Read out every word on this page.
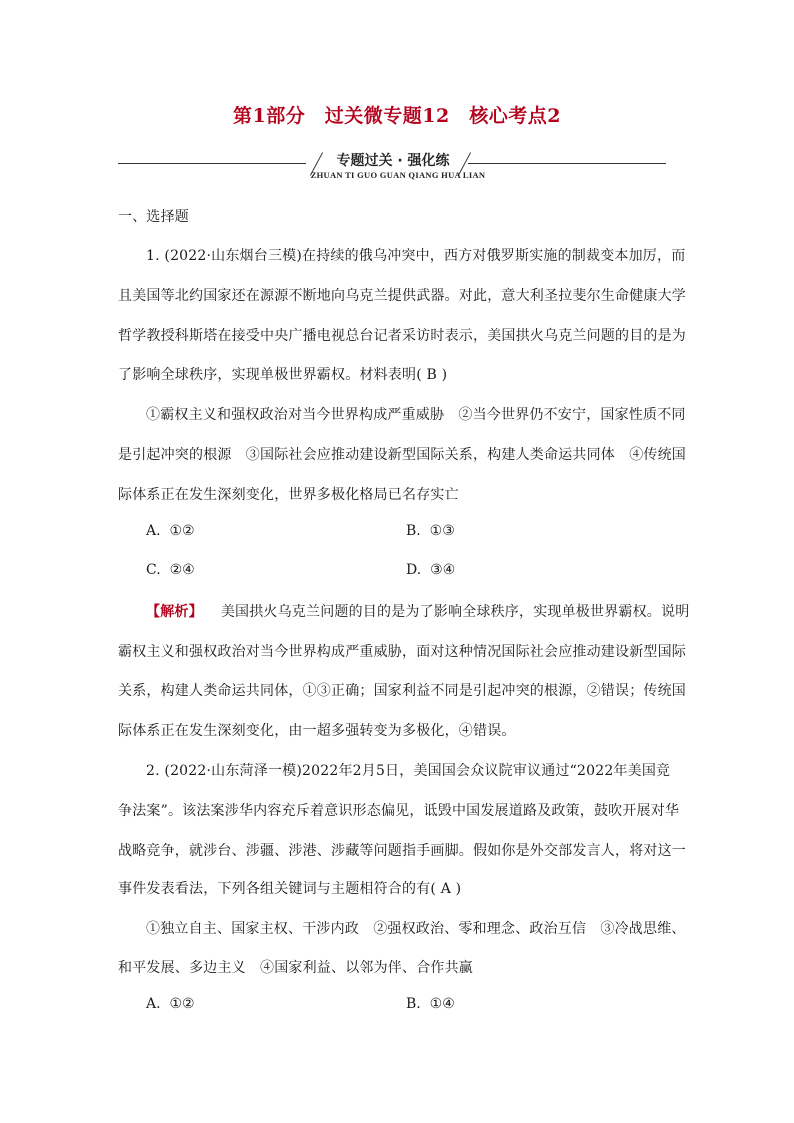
第1部分　过关微专题12　核心考点2
专题过关 · 强化练
ZHUAN TI GUO GUAN QIANG HUA LIAN
一、选择题
1. (2022·山东烟台三模)在持续的俄乌冲突中，西方对俄罗斯实施的制裁变本加厉，而
且美国等北约国家还在源源不断地向乌克兰提供武器。对此，意大利圣拉斐尔生命健康大学
哲学教授科斯塔在接受中央广播电视总台记者采访时表示，美国拱火乌克兰问题的目的是为
了影响全球秩序，实现单极世界霸权。材料表明( B )
①霸权主义和强权政治对当今世界构成严重威胁　②当今世界仍不安宁，国家性质不同
是引起冲突的根源　③国际社会应推动建设新型国际关系，构建人类命运共同体　④传统国
际体系正在发生深刻变化，世界多极化格局已名存实亡
A.  ①②	B.  ①③
C.  ②④	D.  ③④
【解析】 美国拱火乌克兰问题的目的是为了影响全球秩序，实现单极世界霸权。说明
霸权主义和强权政治对当今世界构成严重威胁，面对这种情况国际社会应推动建设新型国际
关系，构建人类命运共同体，①③正确；国家利益不同是引起冲突的根源，②错误；传统国
际体系正在发生深刻变化，由一超多强转变为多极化，④错误。
2. (2022·山东菏泽一模)2022年2月5日，美国国会众议院审议通过“2022年美国竞
争法案”。该法案涉华内容充斥着意识形态偏见，诋毁中国发展道路及政策，鼓吹开展对华
战略竞争，就涉台、涉疆、涉港、涉藏等问题指手画脚。假如你是外交部发言人，将对这一
事件发表看法，下列各组关键词与主题相符合的有( A )
①独立自主、国家主权、干涉内政　②强权政治、零和理念、政治互信　③冷战思维、
和平发展、多边主义　④国家利益、以邻为伴、合作共赢
A.  ①②	B.  ①④
